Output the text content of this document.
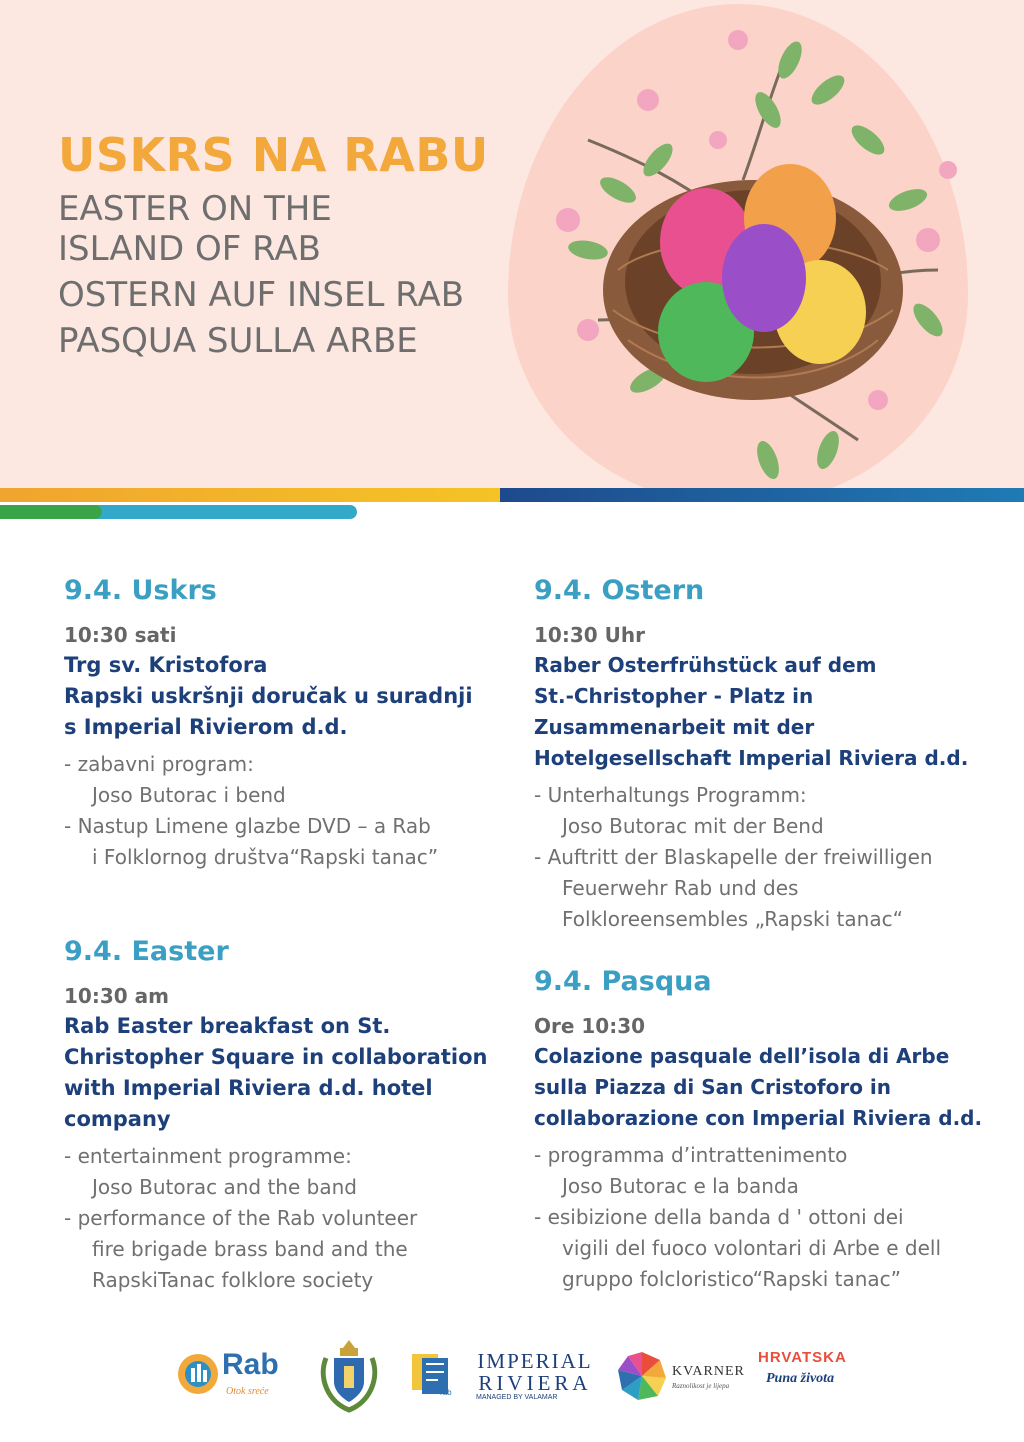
USKRS NA RABU
EASTER ON THE
ISLAND OF RAB
OSTERN AUF INSEL RAB
PASQUA SULLA ARBE
9.4. Uskrs

10:30 sati

Trg sv. Kristofora

Rapski uskršnji doručak u suradnji

s Imperial Rivierom d.d.

- zabavni program:
Joso Butorac i bend
- Nastup Limene glazbe DVD – a Rab
i Folklornog društva“Rapski tanac”
9.4. Easter

10:30 am

Rab Easter breakfast on St.

Christopher Square in collaboration

with Imperial Riviera d.d. hotel

company

- entertainment programme:
Joso Butorac and the band
- performance of the Rab volunteer
fire brigade brass band and the RapskiTanac folklore society
9.4. Ostern

10:30 Uhr

Raber Osterfrühstück auf dem

St.-Christopher - Platz in

Zusammenarbeit mit der

Hotelgesellschaft Imperial Riviera d.d.

- Unterhaltungs Programm:
Joso Butorac mit der Bend
- Auftritt der Blaskapelle der freiwilligen
Feuerwehr Rab und des Folkloreensembles „Rapski tanac“
9.4. Pasqua

Ore 10:30

Colazione pasquale dell’isola di Arbe

sulla Piazza di San Cristoforo in

collaborazione con Imperial Riviera d.d.

- programma d’intrattenimento
Joso Butorac e la banda
- esibizione della banda d ' ottoni dei
vigili del fuoco volontari di Arbe e dell gruppo folcloristico“Rapski tanac”
Rab
Otok sreće	rab
IMPERIAL
RIVIERA
MANAGED BY VALAMAR
KVARNER
Raznolikost je lijepa
HRVATSKA
Puna života
